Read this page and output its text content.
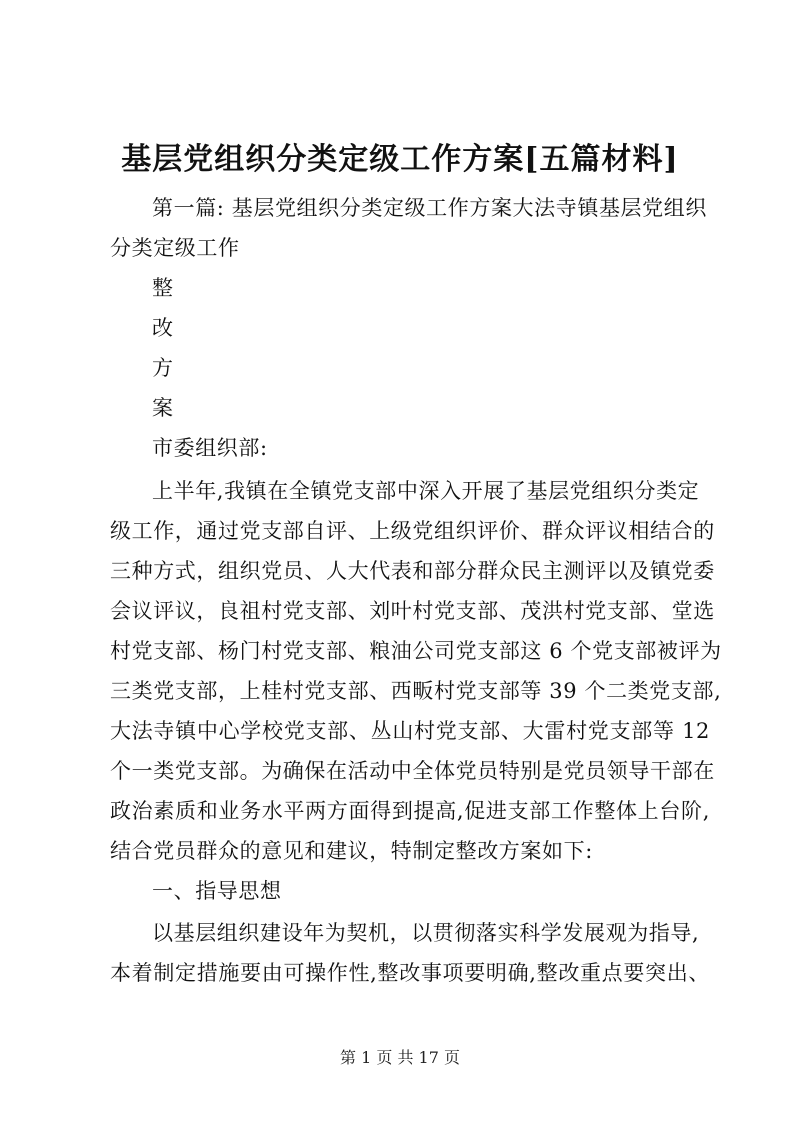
基层党组织分类定级工作方案[五篇材料]
第一篇: 基层党组织分类定级工作方案大法寺镇基层党组织
分类定级工作
整
改
方
案
市委组织部:
上半年,我镇在全镇党支部中深入开展了基层党组织分类定
级工作，通过党支部自评、上级党组织评价、群众评议相结合的
三种方式，组织党员、人大代表和部分群众民主测评以及镇党委
会议评议，良祖村党支部、刘叶村党支部、茂洪村党支部、堂选
村党支部、杨门村党支部、粮油公司党支部这 6 个党支部被评为
三类党支部，上桂村党支部、西畈村党支部等 39 个二类党支部,
大法寺镇中心学校党支部、丛山村党支部、大雷村党支部等 12
个一类党支部。为确保在活动中全体党员特别是党员领导干部在
政治素质和业务水平两方面得到提高,促进支部工作整体上台阶,
结合党员群众的意见和建议，特制定整改方案如下:
一、指导思想
以基层组织建设年为契机，以贯彻落实科学发展观为指导,
本着制定措施要由可操作性,整改事项要明确,整改重点要突出、
第 1 页 共 17 页
